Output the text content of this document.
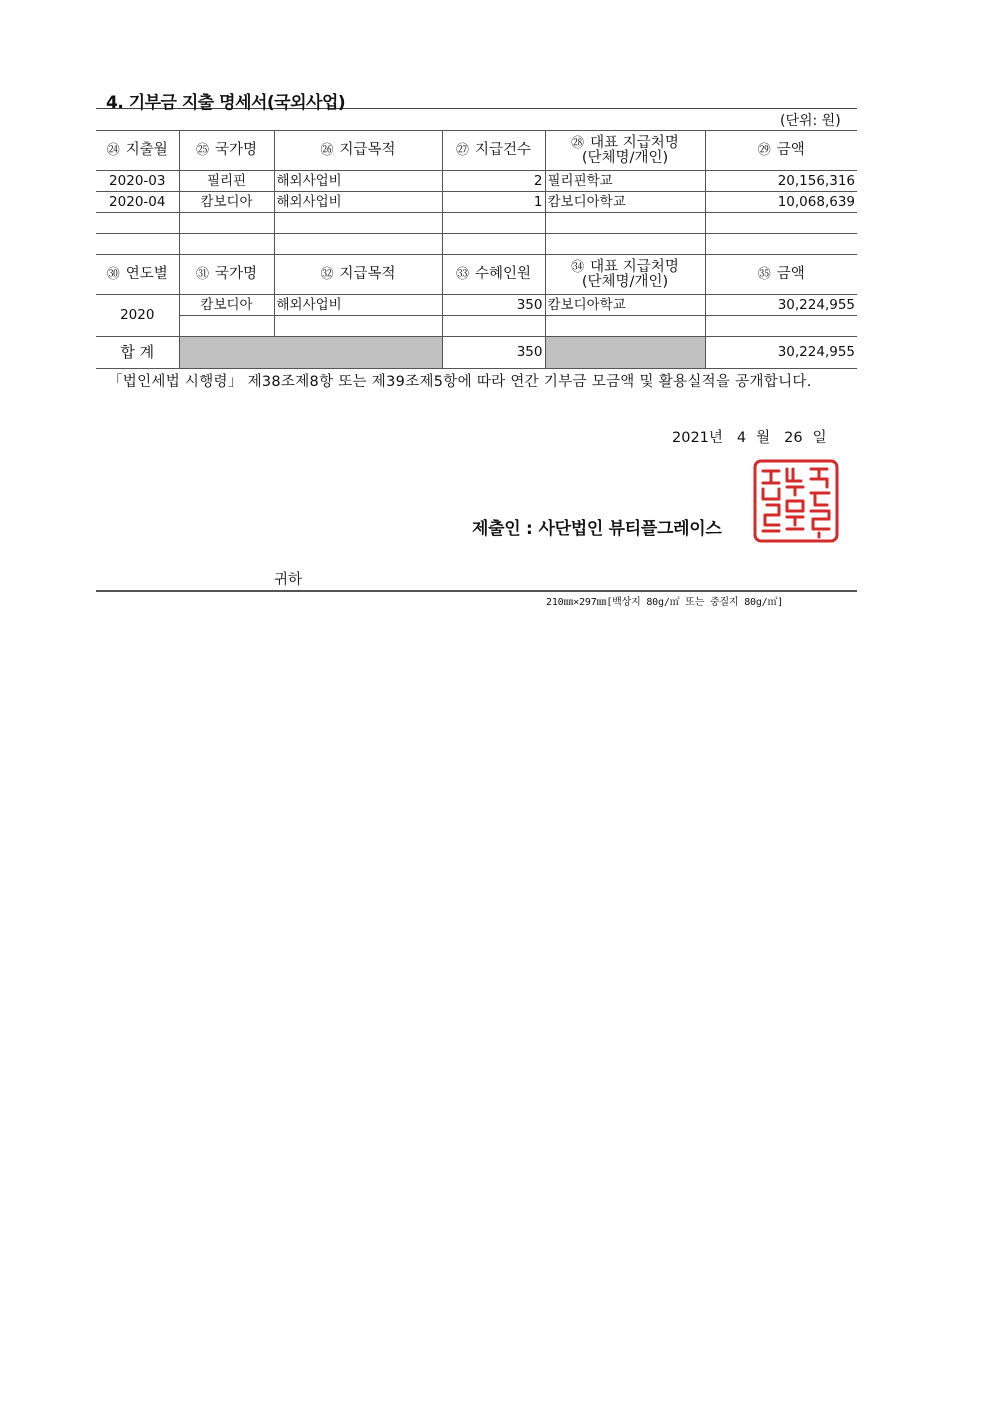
4. 기부금 지출 명세서(국외사업)
(단위: 원)
㉔ 지출월	㉕ 국가명	㉖ 지급목적	㉗ 지급건수	㉘ 대표 지급처명
(단체명/개인)	㉙ 금액
2020-03	필리핀	해외사업비	2	필리핀학교	20,156,316
2020-04	캄보디아	해외사업비	1	캄보디아학교	10,068,639

㉚ 연도별	㉛ 국가명	㉜ 지급목적	㉝ 수혜인원	㉞ 대표 지급처명
(단체명/개인)	㉟ 금액
2020	캄보디아	해외사업비	350	캄보디아학교	30,224,955

합 계			350		30,224,955
「법인세법 시행령」 제38조제8항 또는 제39조제5항에 따라 연간 기부금 모금액 및 활용실적을 공개합니다.
2021년 4 월 26 일
제출인 : 사단법인 뷰티플그레이스
귀하
210㎜×297㎜[백상지 80g/㎡ 또는 중질지 80g/㎡]
